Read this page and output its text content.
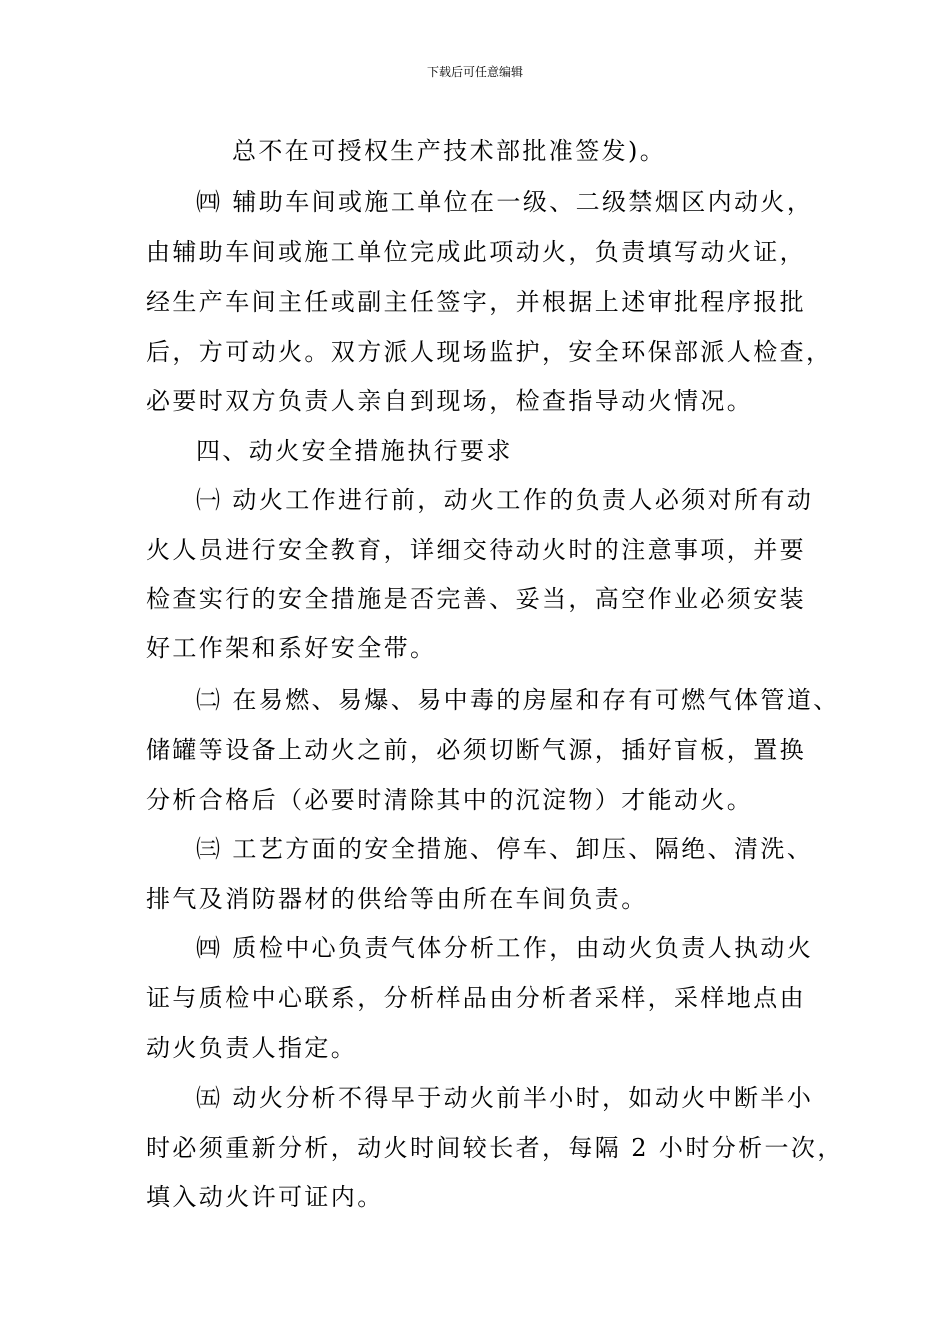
下载后可任意编辑
总不在可授权生产技术部批准签发)。
㈣ 辅助车间或施工单位在一级、二级禁烟区内动火，
由辅助车间或施工单位完成此项动火，负责填写动火证，
经生产车间主任或副主任签字，并根据上述审批程序报批
后，方可动火。双方派人现场监护，安全环保部派人检查，
必要时双方负责人亲自到现场，检查指导动火情况。
四、动火安全措施执行要求
㈠ 动火工作进行前，动火工作的负责人必须对所有动
火人员进行安全教育，详细交待动火时的注意事项，并要
检查实行的安全措施是否完善、妥当，高空作业必须安装
好工作架和系好安全带。
㈡ 在易燃、易爆、易中毒的房屋和存有可燃气体管道、
储罐等设备上动火之前，必须切断气源，插好盲板，置换
分析合格后（必要时清除其中的沉淀物）才能动火。
㈢ 工艺方面的安全措施、停车、卸压、隔绝、清洗、
排气及消防器材的供给等由所在车间负责。
㈣ 质检中心负责气体分析工作，由动火负责人执动火
证与质检中心联系，分析样品由分析者采样，采样地点由
动火负责人指定。
㈤ 动火分析不得早于动火前半小时，如动火中断半小
时必须重新分析，动火时间较长者，每隔 2 小时分析一次，
填入动火许可证内。
